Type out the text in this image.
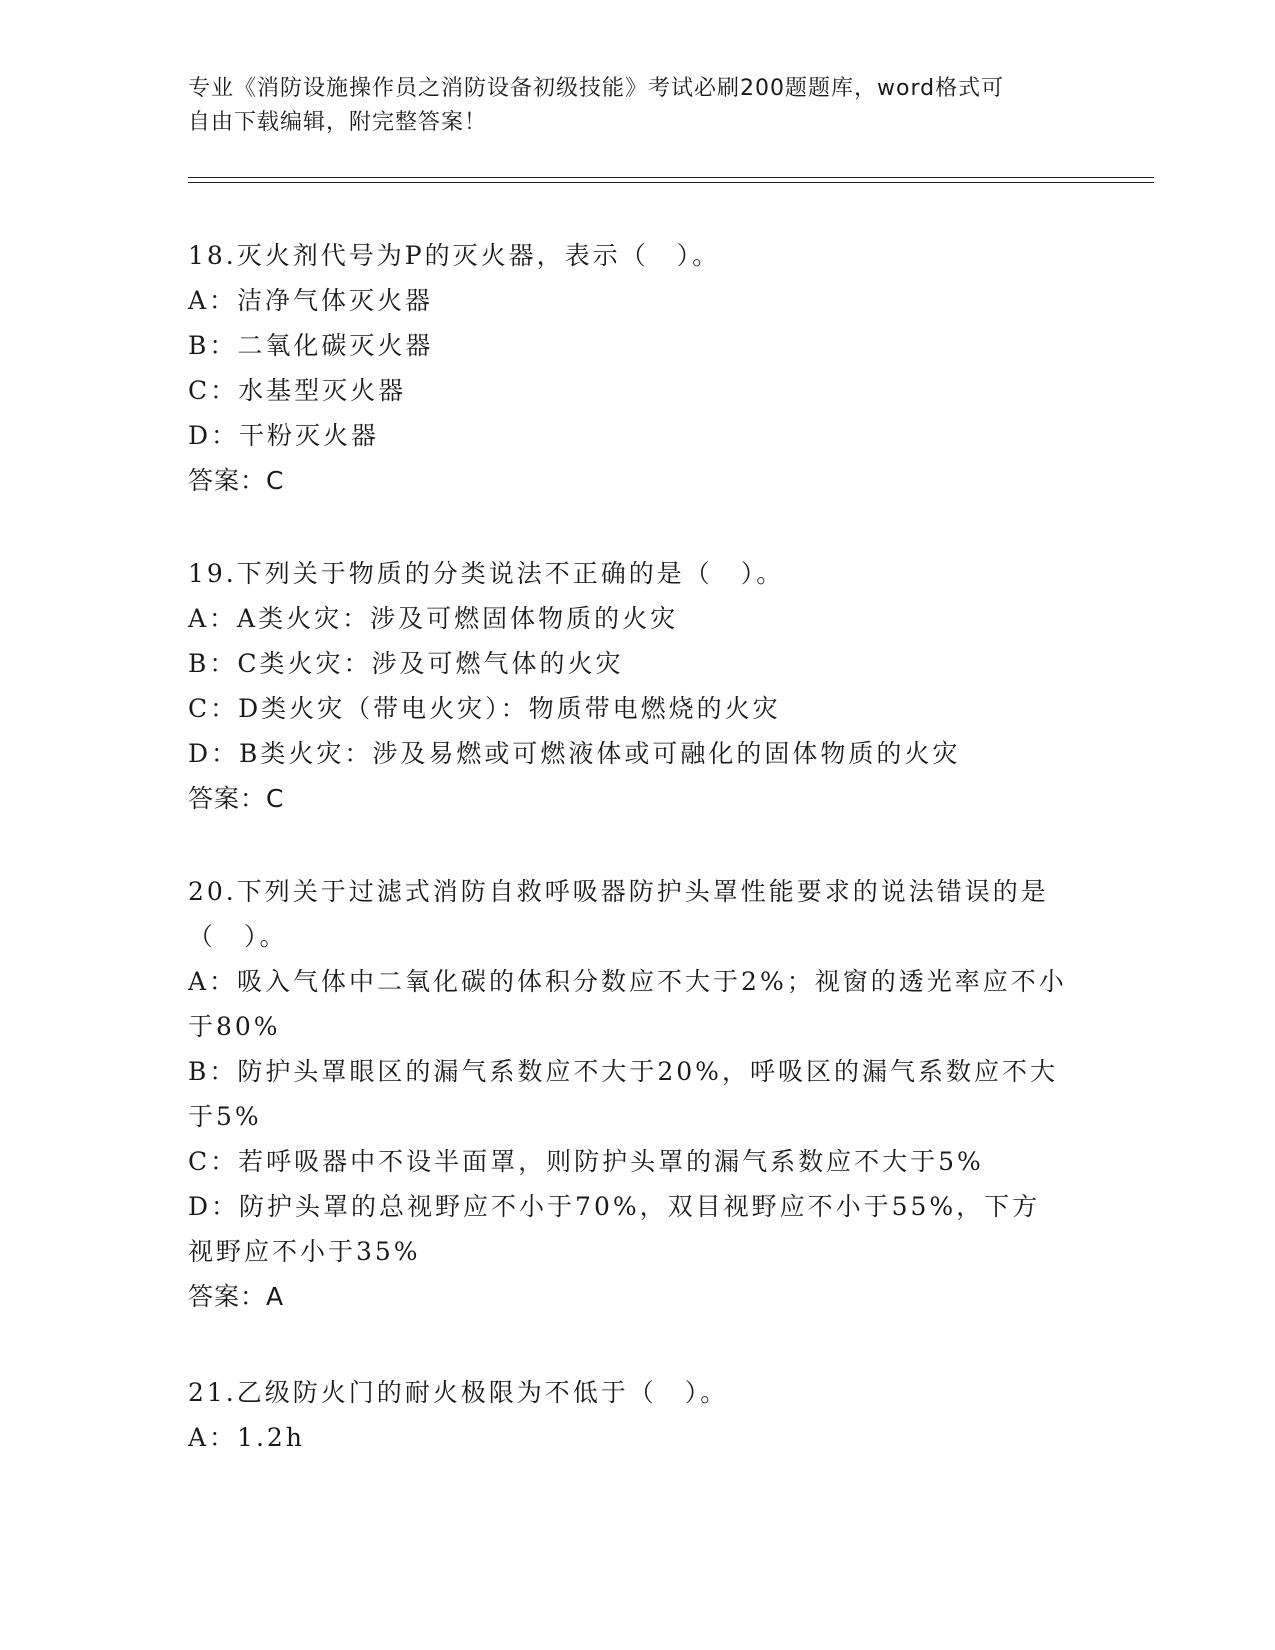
专业《消防设施操作员之消防设备初级技能》考试必刷200题题库，word格式可
自由下载编辑，附完整答案！
18.灭火剂代号为P的灭火器，表示（　）。
A：洁净气体灭火器
B：二氧化碳灭火器
C：水基型灭火器
D：干粉灭火器
答案：C
19.下列关于物质的分类说法不正确的是（　）。
A：A类火灾：涉及可燃固体物质的火灾
B：C类火灾：涉及可燃气体的火灾
C：D类火灾（带电火灾）：物质带电燃烧的火灾
D：B类火灾：涉及易燃或可燃液体或可融化的固体物质的火灾
答案：C
20.下列关于过滤式消防自救呼吸器防护头罩性能要求的说法错误的是（　）。
A：吸入气体中二氧化碳的体积分数应不大于2%；视窗的透光率应不小于80%
B：防护头罩眼区的漏气系数应不大于20%，呼吸区的漏气系数应不大于5%
C：若呼吸器中不设半面罩，则防护头罩的漏气系数应不大于5%
D：防护头罩的总视野应不小于70%，双目视野应不小于55%，下方视野应不小于35%
答案：A
21.乙级防火门的耐火极限为不低于（　）。
A：1.2h
